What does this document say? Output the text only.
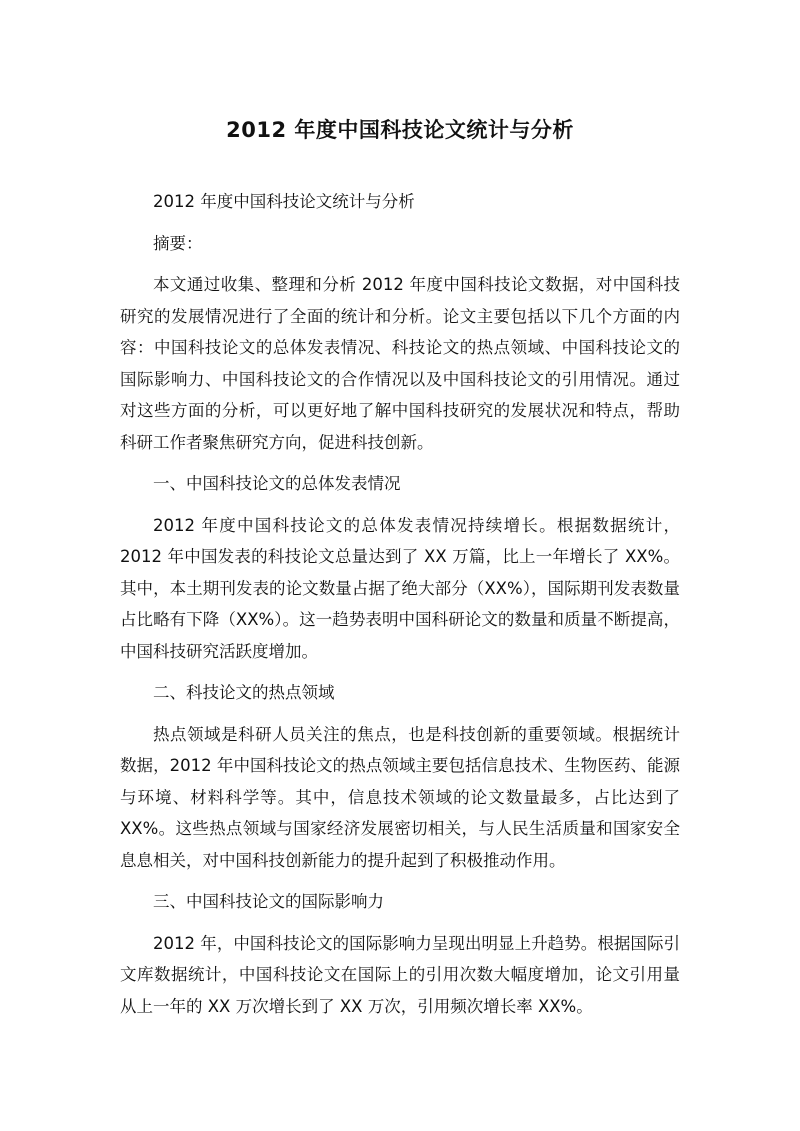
2012 年度中国科技论文统计与分析

2012 年度中国科技论文统计与分析

摘要：

本文通过收集、整理和分析 2012 年度中国科技论文数据，对中国科技研究的发展情况进行了全面的统计和分析。论文主要包括以下几个方面的内容：中国科技论文的总体发表情况、科技论文的热点领域、中国科技论文的国际影响力、中国科技论文的合作情况以及中国科技论文的引用情况。通过对这些方面的分析，可以更好地了解中国科技研究的发展状况和特点，帮助科研工作者聚焦研究方向，促进科技创新。

一、中国科技论文的总体发表情况

2012 年度中国科技论文的总体发表情况持续增长。根据数据统计，2012 年中国发表的科技论文总量达到了 XX 万篇，比上一年增长了 XX%。其中，本土期刊发表的论文数量占据了绝大部分（XX%），国际期刊发表数量占比略有下降（XX%）。这一趋势表明中国科研论文的数量和质量不断提高，中国科技研究活跃度增加。

二、科技论文的热点领域

热点领域是科研人员关注的焦点，也是科技创新的重要领域。根据统计数据，2012 年中国科技论文的热点领域主要包括信息技术、生物医药、能源与环境、材料科学等。其中，信息技术领域的论文数量最多，占比达到了 XX%。这些热点领域与国家经济发展密切相关，与人民生活质量和国家安全息息相关，对中国科技创新能力的提升起到了积极推动作用。

三、中国科技论文的国际影响力

2012 年，中国科技论文的国际影响力呈现出明显上升趋势。根据国际引文库数据统计，中国科技论文在国际上的引用次数大幅度增加，论文引用量从上一年的 XX 万次增长到了 XX 万次，引用频次增长率 XX%。
